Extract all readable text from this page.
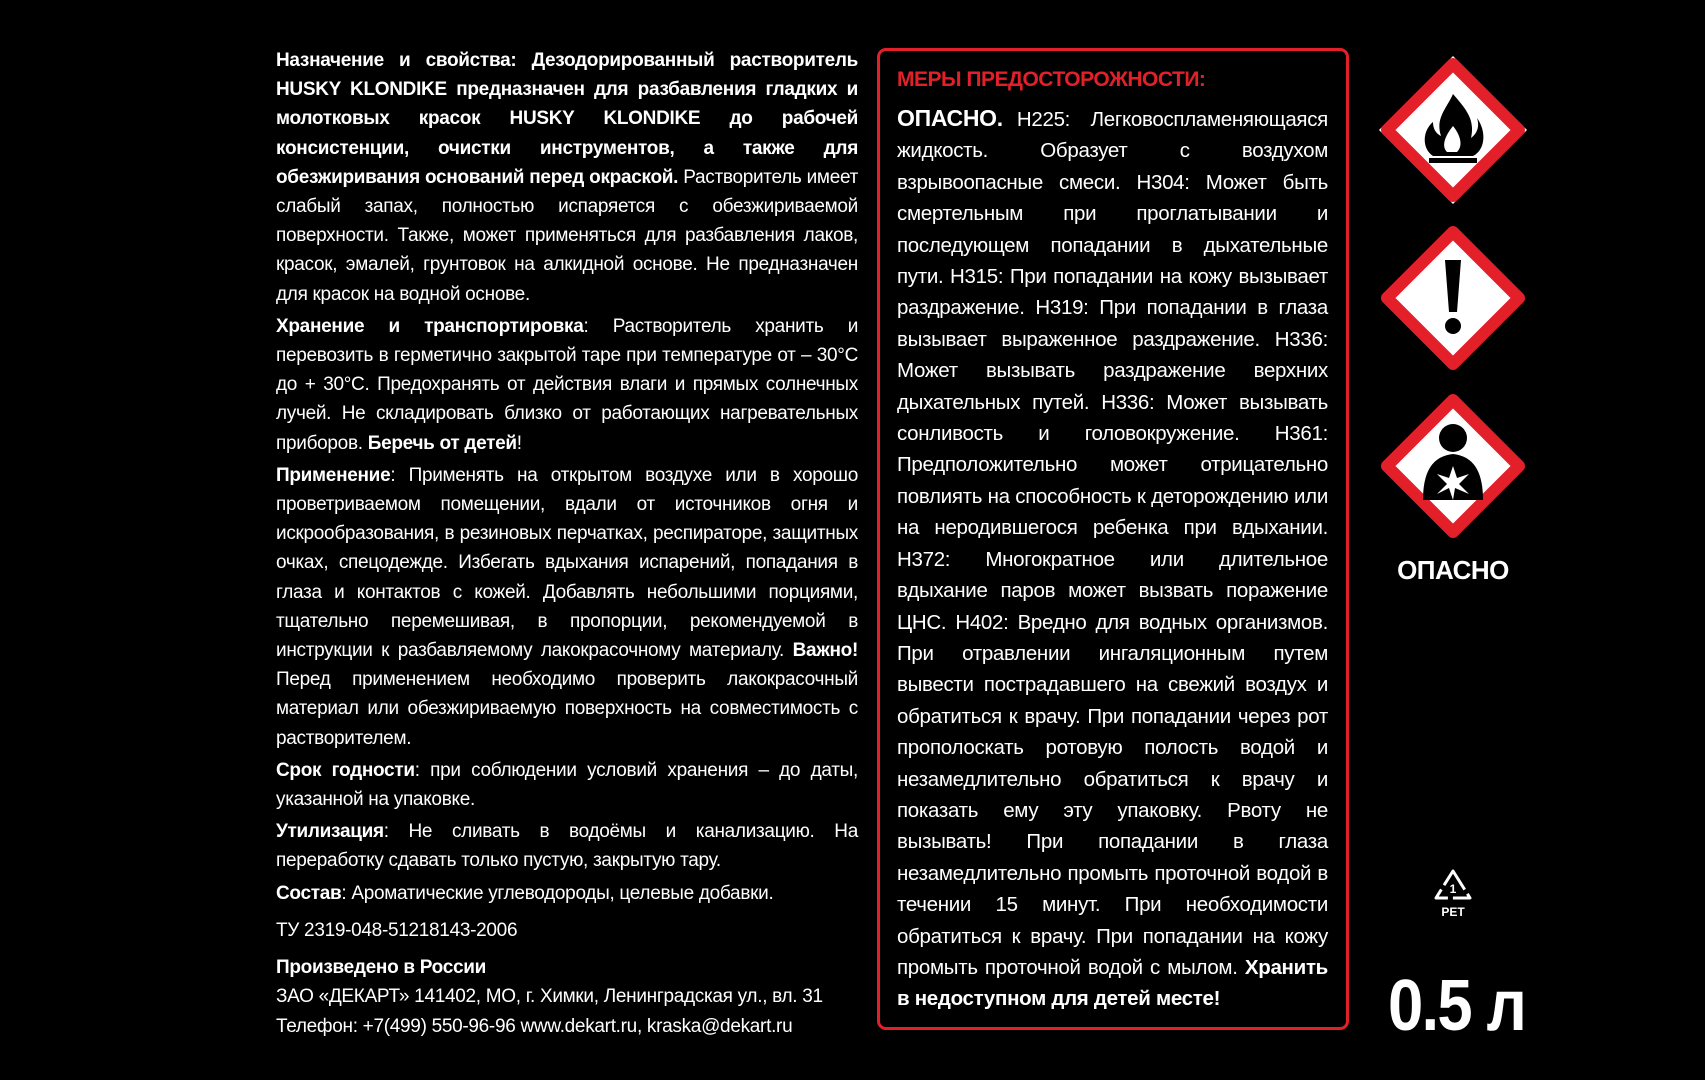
Назначение и свойства: Дезодорированный растворитель HUSKY KLONDIKE предназначен для разбавления гладких и молотковых красок HUSKY KLONDIKE до рабочей консистенции, очистки инструментов, а также для обезжиривания оснований перед окраской. Растворитель имеет слабый запах, полностью испаряется с обезжириваемой поверхности. Также, может применяться для разбавления лаков, красок, эмалей, грунтовок на алкидной основе. Не предназначен для красок на водной основе.

Хранение и транспортировка: Растворитель хранить и перевозить в герметично закрытой таре при температуре от – 30°С до + 30°С. Предохранять от действия влаги и прямых солнечных лучей. Не складировать близко от работающих нагревательных приборов. Беречь от детей!

Применение: Применять на открытом воздухе или в хорошо проветриваемом помещении, вдали от источников огня и искрообразования, в резиновых перчатках, респираторе, защитных очках, спецодежде. Избегать вдыхания испарений, попадания в глаза и контактов с кожей. Добавлять небольшими порциями, тщательно перемешивая, в пропорции, рекомендуемой в инструкции к разбавляемому лакокрасочному материалу. Важно! Перед применением необходимо проверить лакокрасочный материал или обезжириваемую поверхность на совместимость с растворителем.

Срок годности: при соблюдении условий хранения – до даты, указанной на упаковке.

Утилизация: Не сливать в водоёмы и канализацию. На переработку сдавать только пустую, закрытую тару.

Состав: Ароматические углеводороды, целевые добавки.

ТУ 2319-048-51218143-2006

Произведено в России

ЗАО «ДЕКАРТ» 141402, МО, г. Химки, Ленинградская ул., вл. 31

Телефон: +7(499) 550-96-96 www.dekart.ru, kraska@dekart.ru

МЕРЫ ПРЕДОСТОРОЖНОСТИ:
ОПАСНО. H225: Легковоспламеняющаяся жидкость. Образует с воздухом взрывоопасные смеси. H304: Может быть смертельным при проглатывании и последующем попадании в дыхательные пути. H315: При попадании на кожу вызывает раздражение. H319: При попадании в глаза вызывает выраженное раздражение. H336: Может вызывать раздражение верхних дыхательных путей. H336: Может вызывать сонливость и головокружение. H361: Предположительно может отрицательно повлиять на способность к деторождению или на неродившегося ребенка при вдыхании. H372: Многократное или длительное вдыхание паров может вызвать поражение ЦНС. H402: Вредно для водных организмов. При отравлении ингаляционным путем вывести пострадавшего на свежий воздух и обратиться к врачу. При попадании через рот прополоскать ротовую полость водой и незамедлительно обратиться к врачу и показать ему эту упаковку. Рвоту не вызывать! При попадании в глаза незамедлительно промыть проточной водой в течении 15 минут. При необходимости обратиться к врачу. При попадании на кожу промыть проточной водой с мылом. Хранить в недоступном для детей месте!
ОПАСНО
1
PET
0.5 л
